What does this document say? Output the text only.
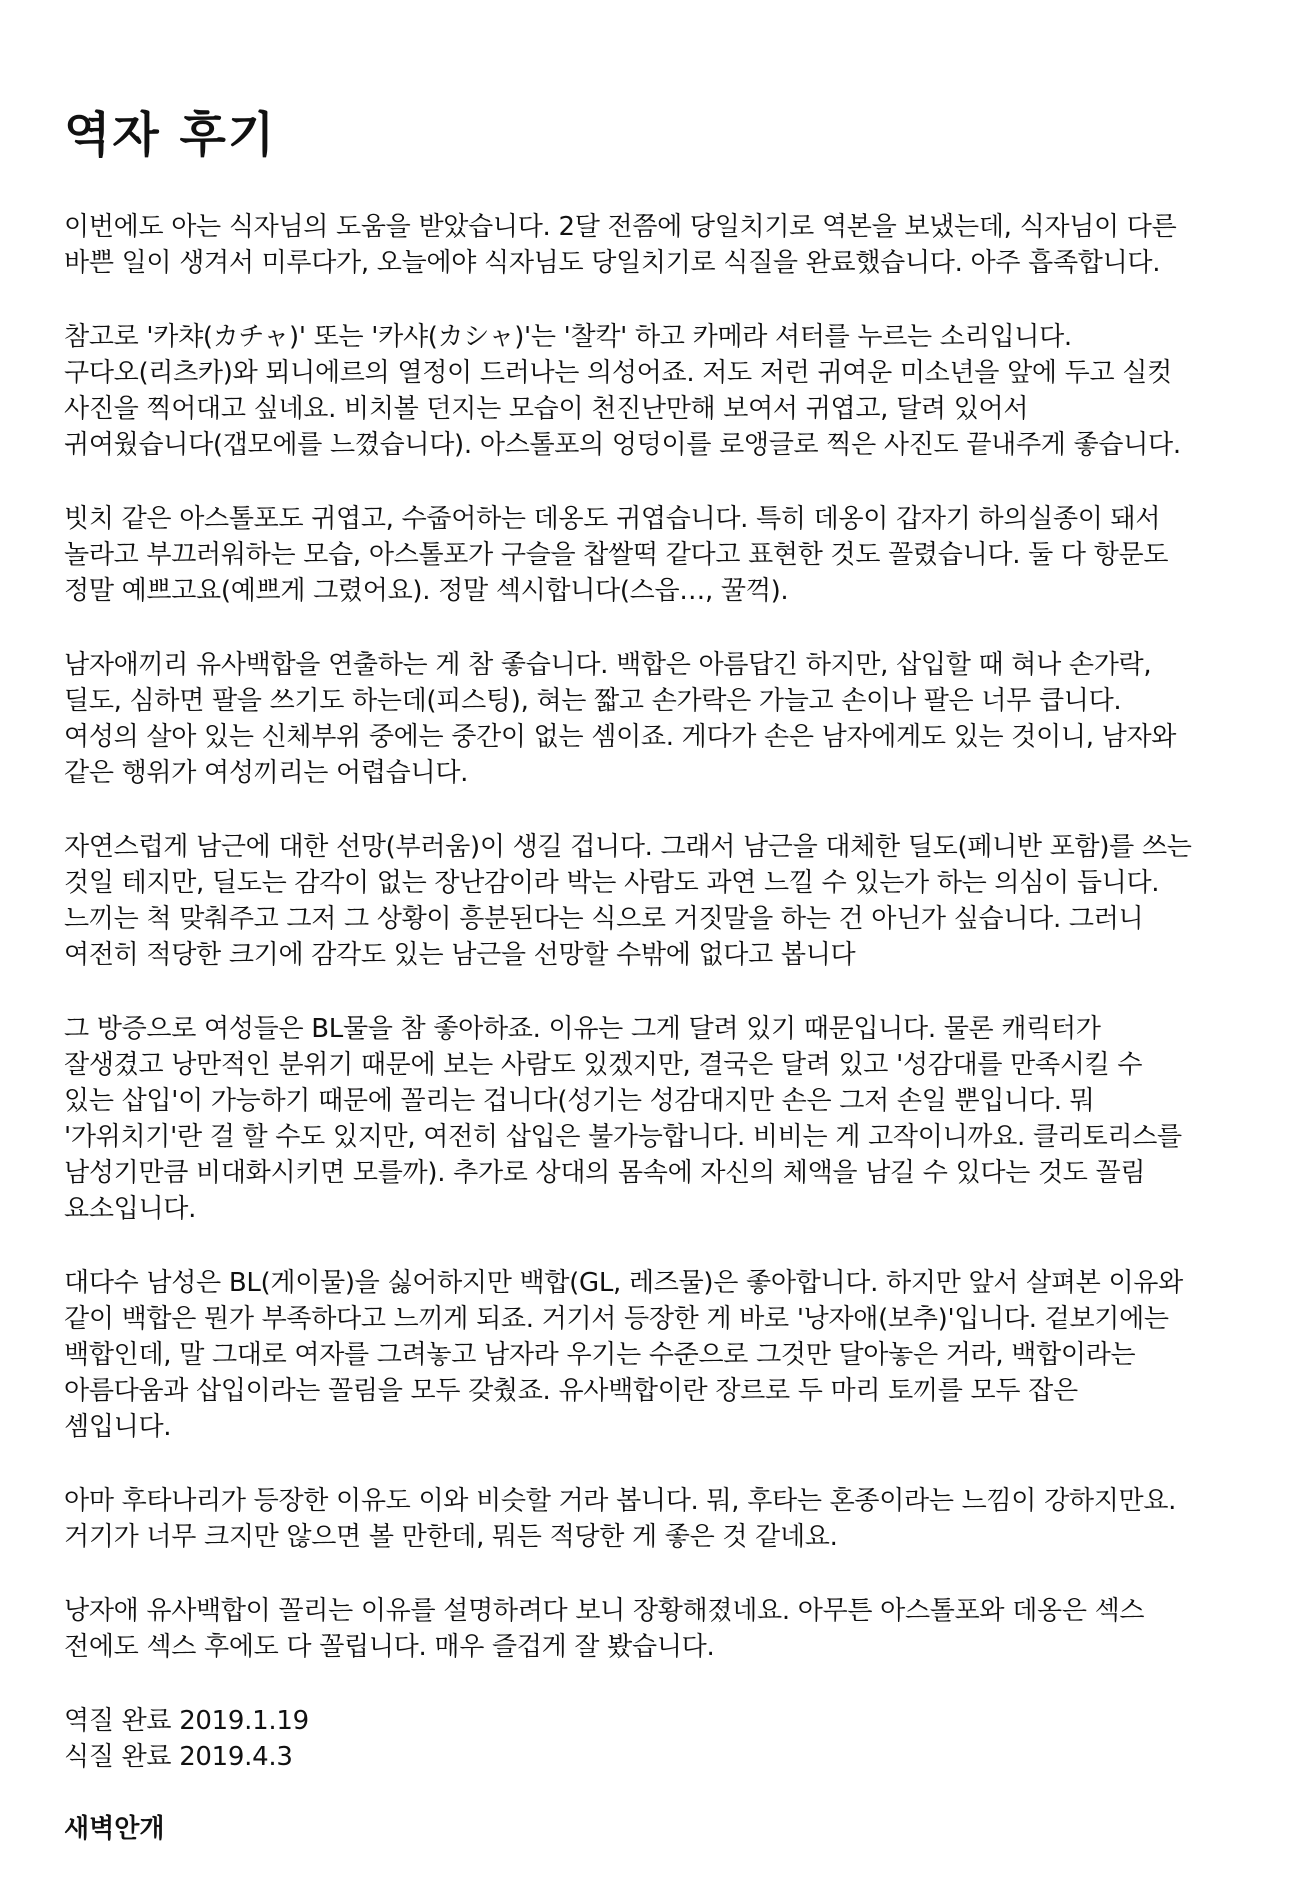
역자 후기
이번에도 아는 식자님의 도움을 받았습니다. 2달 전쯤에 당일치기로 역본을 보냈는데, 식자님이 다른
바쁜 일이 생겨서 미루다가, 오늘에야 식자님도 당일치기로 식질을 완료했습니다. 아주 흡족합니다.
참고로 '카챠(カチャ)' 또는 '카샤(カシャ)'는 '찰칵' 하고 카메라 셔터를 누르는 소리입니다.
구다오(리츠카)와 뫼니에르의 열정이 드러나는 의성어죠. 저도 저런 귀여운 미소년을 앞에 두고 실컷
사진을 찍어대고 싶네요. 비치볼 던지는 모습이 천진난만해 보여서 귀엽고, 달려 있어서
귀여웠습니다(갭모에를 느꼈습니다). 아스톨포의 엉덩이를 로앵글로 찍은 사진도 끝내주게 좋습니다.
빗치 같은 아스톨포도 귀엽고, 수줍어하는 데옹도 귀엽습니다. 특히 데옹이 갑자기 하의실종이 돼서
놀라고 부끄러워하는 모습, 아스톨포가 구슬을 찹쌀떡 같다고 표현한 것도 꼴렸습니다. 둘 다 항문도
정말 예쁘고요(예쁘게 그렸어요). 정말 섹시합니다(스읍…, 꿀꺽).
남자애끼리 유사백합을 연출하는 게 참 좋습니다. 백합은 아름답긴 하지만, 삽입할 때 혀나 손가락,
딜도, 심하면 팔을 쓰기도 하는데(피스팅), 혀는 짧고 손가락은 가늘고 손이나 팔은 너무 큽니다.
여성의 살아 있는 신체부위 중에는 중간이 없는 셈이죠. 게다가 손은 남자에게도 있는 것이니, 남자와
같은 행위가 여성끼리는 어렵습니다.
자연스럽게 남근에 대한 선망(부러움)이 생길 겁니다. 그래서 남근을 대체한 딜도(페니반 포함)를 쓰는
것일 테지만, 딜도는 감각이 없는 장난감이라 박는 사람도 과연 느낄 수 있는가 하는 의심이 듭니다.
느끼는 척 맞춰주고 그저 그 상황이 흥분된다는 식으로 거짓말을 하는 건 아닌가 싶습니다. 그러니
여전히 적당한 크기에 감각도 있는 남근을 선망할 수밖에 없다고 봅니다
그 방증으로 여성들은 BL물을 참 좋아하죠. 이유는 그게 달려 있기 때문입니다. 물론 캐릭터가
잘생겼고 낭만적인 분위기 때문에 보는 사람도 있겠지만, 결국은 달려 있고 '성감대를 만족시킬 수
있는 삽입'이 가능하기 때문에 꼴리는 겁니다(성기는 성감대지만 손은 그저 손일 뿐입니다. 뭐
'가위치기'란 걸 할 수도 있지만, 여전히 삽입은 불가능합니다. 비비는 게 고작이니까요. 클리토리스를
남성기만큼 비대화시키면 모를까). 추가로 상대의 몸속에 자신의 체액을 남길 수 있다는 것도 꼴림
요소입니다.
대다수 남성은 BL(게이물)을 싫어하지만 백합(GL, 레즈물)은 좋아합니다. 하지만 앞서 살펴본 이유와
같이 백합은 뭔가 부족하다고 느끼게 되죠. 거기서 등장한 게 바로 '낭자애(보추)'입니다. 겉보기에는
백합인데, 말 그대로 여자를 그려놓고 남자라 우기는 수준으로 그것만 달아놓은 거라, 백합이라는
아름다움과 삽입이라는 꼴림을 모두 갖췄죠. 유사백합이란 장르로 두 마리 토끼를 모두 잡은
셈입니다.
아마 후타나리가 등장한 이유도 이와 비슷할 거라 봅니다. 뭐, 후타는 혼종이라는 느낌이 강하지만요.
거기가 너무 크지만 않으면 볼 만한데, 뭐든 적당한 게 좋은 것 같네요.
낭자애 유사백합이 꼴리는 이유를 설명하려다 보니 장황해졌네요. 아무튼 아스톨포와 데옹은 섹스
전에도 섹스 후에도 다 꼴립니다. 매우 즐겁게 잘 봤습니다.
역질 완료 2019.1.19
식질 완료 2019.4.3
새벽안개
